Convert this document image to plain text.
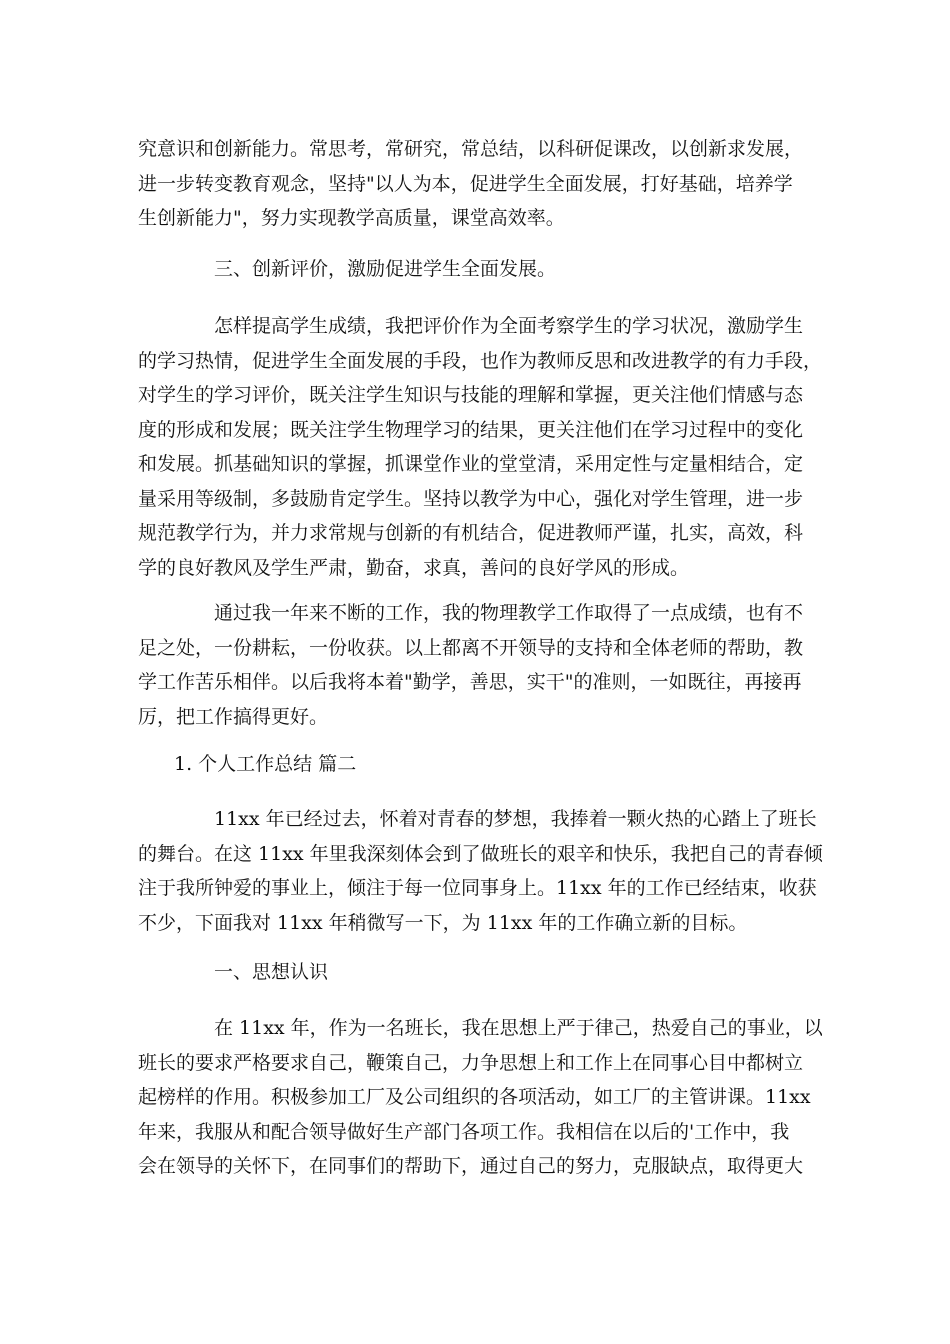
究意识和创新能力。常思考，常研究，常总结，以科研促课改，以创新求发展，
进一步转变教育观念，坚持"以人为本，促进学生全面发展，打好基础，培养学
生创新能力"，努力实现教学高质量，课堂高效率。
三、创新评价，激励促进学生全面发展。
怎样提高学生成绩，我把评价作为全面考察学生的学习状况，激励学生
的学习热情，促进学生全面发展的手段，也作为教师反思和改进教学的有力手段，
对学生的学习评价，既关注学生知识与技能的理解和掌握，更关注他们情感与态
度的形成和发展；既关注学生物理学习的结果，更关注他们在学习过程中的变化
和发展。抓基础知识的掌握，抓课堂作业的堂堂清，采用定性与定量相结合，定
量采用等级制，多鼓励肯定学生。坚持以教学为中心，强化对学生管理，进一步
规范教学行为，并力求常规与创新的有机结合，促进教师严谨，扎实，高效，科
学的良好教风及学生严肃，勤奋，求真，善问的良好学风的形成。
通过我一年来不断的工作，我的物理教学工作取得了一点成绩，也有不
足之处，一份耕耘，一份收获。以上都离不开领导的支持和全体老师的帮助，教
学工作苦乐相伴。以后我将本着"勤学，善思，实干"的准则，一如既往，再接再
厉，把工作搞得更好。
1. 个人工作总结 篇二
11xx 年已经过去，怀着对青春的梦想，我捧着一颗火热的心踏上了班长
的舞台。在这 11xx 年里我深刻体会到了做班长的艰辛和快乐，我把自己的青春倾
注于我所钟爱的事业上，倾注于每一位同事身上。11xx 年的工作已经结束，收获
不少，下面我对 11xx 年稍微写一下，为 11xx 年的工作确立新的目标。
一、思想认识
在 11xx 年，作为一名班长，我在思想上严于律己，热爱自己的事业，以
班长的要求严格要求自己，鞭策自己，力争思想上和工作上在同事心目中都树立
起榜样的作用。积极参加工厂及公司组织的各项活动，如工厂的主管讲课。11xx
年来，我服从和配合领导做好生产部门各项工作。我相信在以后的'工作中，我
会在领导的关怀下，在同事们的帮助下，通过自己的努力，克服缺点，取得更大
